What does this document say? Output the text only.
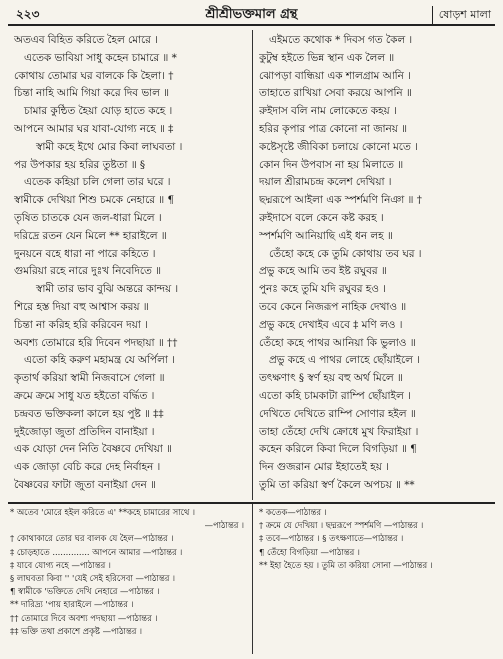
২২৩	শ্রীশ্রীভক্তমাল গ্রন্থ	ষোড়শ মালা
অতএব বিহিত করিতে হৈল মোরে ।
এতেক ভাবিয়া সাধু কহেন চামারে ॥ *
কোথায় তোমার ঘর বালকে কি হৈলা। †
চিন্তা নাহি আমি গিয়া করে দিব ভাল ॥
চামার কুন্ঠিত হৈয়া যোড় হাতে কহে ।
আপনে আমার ঘর যাবা-যোগ্য নহে ॥ ‡
স্বামী কহে ইথে মোর কিবা লাঘবতা ।
পর উপকার হয় হরির তুষ্টতা ॥ §
এতেক কহিয়া চলি গেলা তার ঘরে ।
স্বামীকে দেখিয়া শিশু চমকে নেহারে ॥ ¶
তৃষিত চাতকে যেন জল-ধারা মিলে ।
দরিদ্রে রতন যেন মিলে ** হারাইলে ॥
দুনয়নে বহে ধারা না পারে কহিতে ।
গুমরিয়া রহে নারে দুঃখ নিবেদিতে ॥
স্বামী তার ভাব বুঝি অন্তরে কান্দয় ।
শিরে হস্ত দিয়া বহু আশ্বাস করয় ॥
চিন্তা না করিহ হরি করিবেন দয়া ।
অবশ্য তোমারে হরি দিবেন পদছায়া ॥ ††
এতো কহি করুণ মহামন্ত্র যে অর্পিলা ।
কৃতার্থ করিয়া স্বামী নিজবাসে গেলা ॥
ক্রমে ক্রমে সাধু যত হইতো বর্দ্ধিত ।
চন্দ্রবত ভক্তিকলা কালে হয় পুষ্ট ॥ ‡‡
দুইজোড়া জুতা প্রতিদিন বানাইয়া ।
এক যোড়া দেন নিতি বৈষ্ণবে দেখিয়া ॥
এক জোড়া বেচি করে দেহ নির্বাহন ।
বৈষ্ণবের ফাটা জুতা বনাইয়া দেন ॥
এইমতে কথোক * দিবস গত কৈল ।
কুটুম্ব হইতে ভিন্ন স্থান এক লৈল ॥
ঝোপড়া বান্ধিয়া এক শালগ্রাম আনি ।
তাহাতে রাখিয়া সেবা করয়ে আপনি ॥
রুইদাস বলি নাম লোকেতে কহয় ।
হরির কৃপার পাত্র কোনো না জানয় ॥
কষ্টেসৃষ্টে জীবিকা চলায়ে কোনো মতে ।
কোন দিন উপবাস না হয় মিলাতে ॥
দয়াল শ্রীরামচন্দ্র কলেশ দেখিয়া ।
ছদ্মরূপে আইলা এক স্পর্শমণি নিঞা ॥ †
রুইদাসে বলে কেনে কষ্ট করহ ।
স্পর্শমণি আনিয়াছি এই ধন লহ ॥
তেঁহো কহে কে তুমি কোথায় তব ঘর ।
প্রভু কহে আমি তব ইষ্ট রঘুবর ॥
পুনঃ কহে তুমি যদি রঘুবর হও ।
তবে কেনে নিজরূপ নাহিক দেখাও ॥
প্রভু কহে দেখাইব এবে ‡ মণি লও ।
তেঁহো কহে পাথর আনিয়া কি ভুলাও ॥
প্রভু কহে এ পাথর লোহে ছোঁয়াইলে ।
তৎক্ষণাৎ § স্বর্ণ হয় বহু অর্থ মিলে ॥
এতো কহি চামকাটা রাম্পি ছোঁয়াইল ।
দেখিতে দেখিতে রাম্পি সোণার হইল ॥
তাহা তেঁহো দেখি ক্রোধে মুখ ফিরাইয়া ।
কহেন করিলে কিবা দিলে বিগড়িয়া ॥ ¶
দিন গুজরান মোর ইহাতেই হয় ।
তুমি তা করিয়া স্বর্ণ কৈলে অপচয় ॥ **
* অতেব 'মোরে হইল করিতে এ' **কহে চামারের সাথে ।
—পাঠান্তর ।
† কোথাকারে তোর ঘর বালক যে হৈল—পাঠান্তর ।
‡ চোড়হাতে .............. আপনে আমার —পাঠান্তর ।
‡ যাবে যোগ্য নহে —পাঠান্তর ।
§ লাঘবতা কিবা '' 'যেই সেই হরিসেবা —পাঠান্তর ।
¶ স্বামীকে 'ভক্তিতে দেখি নেহারে —পাঠান্তর ।
** দারিদ্র্য 'পায় হারাইলে —পাঠান্তর ।
†† তোমারে দিবে অবশ্য পদছায়া —পাঠান্তর ।
‡‡ ভক্তি তথা প্রকাশে প্রকৃষ্ট —পাঠান্তর ।
* কতেক—পাঠান্তর ।
† ক্রমে যে দেখিয়া । ছদ্মরূপে স্পর্শমণি —পাঠান্তর ।
‡ তবে—পাঠান্তর । § তৎক্ষণাতে—পাঠান্তর ।
¶ তেঁহো বিগড়িয়া —পাঠান্তর ।
** ইহা হৈতে হয় । তুমি তা করিয়া সোনা —পাঠান্তর ।
